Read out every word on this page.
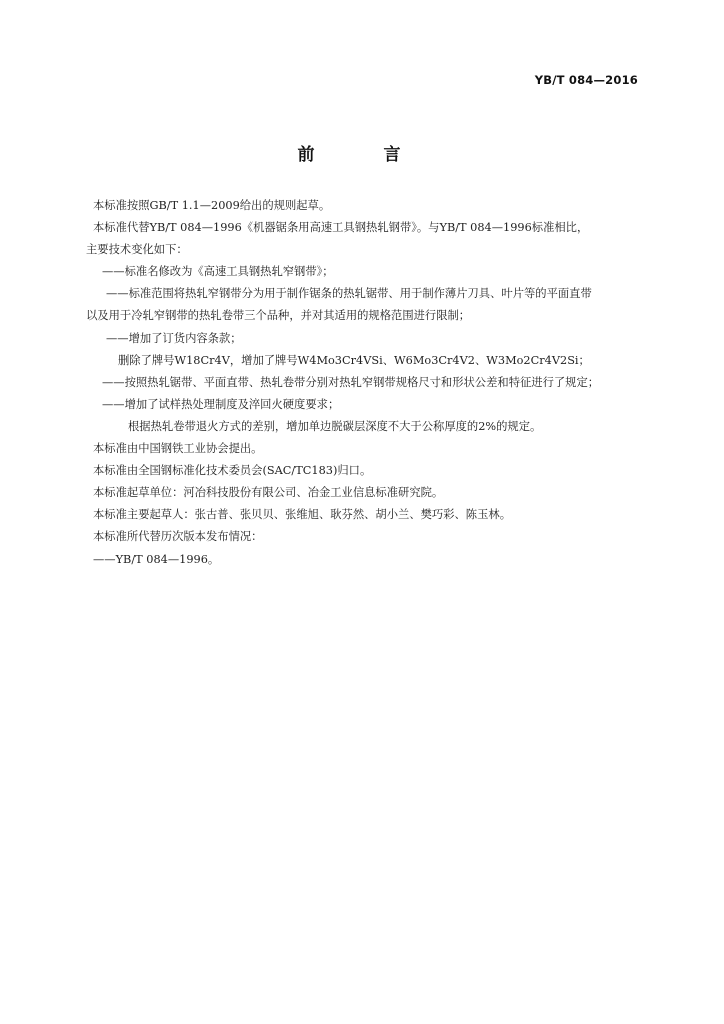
YB/T 084—2016
前　言

本标准按照GB/T 1.1—2009给出的规则起草。

本标准代替YB/T 084—1996《机器锯条用高速工具钢热轧钢带》。与YB/T 084—1996标准相比，

主要技术变化如下：

——标准名修改为《高速工具钢热轧窄钢带》；

——标准范围将热轧窄钢带分为用于制作锯条的热轧锯带、用于制作薄片刀具、叶片等的平面直带

以及用于冷轧窄钢带的热轧卷带三个品种，并对其适用的规格范围进行限制；

——增加了订货内容条款；

删除了牌号W18Cr4V，增加了牌号W4Mo3Cr4VSi、W6Mo3Cr4V2、W3Mo2Cr4V2Si；

——按照热轧锯带、平面直带、热轧卷带分别对热轧窄钢带规格尺寸和形状公差和特征进行了规定；

——增加了试样热处理制度及淬回火硬度要求；

根据热轧卷带退火方式的差别，增加单边脱碳层深度不大于公称厚度的2%的规定。

本标准由中国钢铁工业协会提出。

本标准由全国钢标准化技术委员会(SAC/TC183)归口。

本标准起草单位：河冶科技股份有限公司、冶金工业信息标准研究院。

本标准主要起草人：张古普、张贝贝、张维旭、耿芬然、胡小兰、樊巧彩、陈玉林。

本标准所代替历次版本发布情况：

——YB/T 084—1996。
